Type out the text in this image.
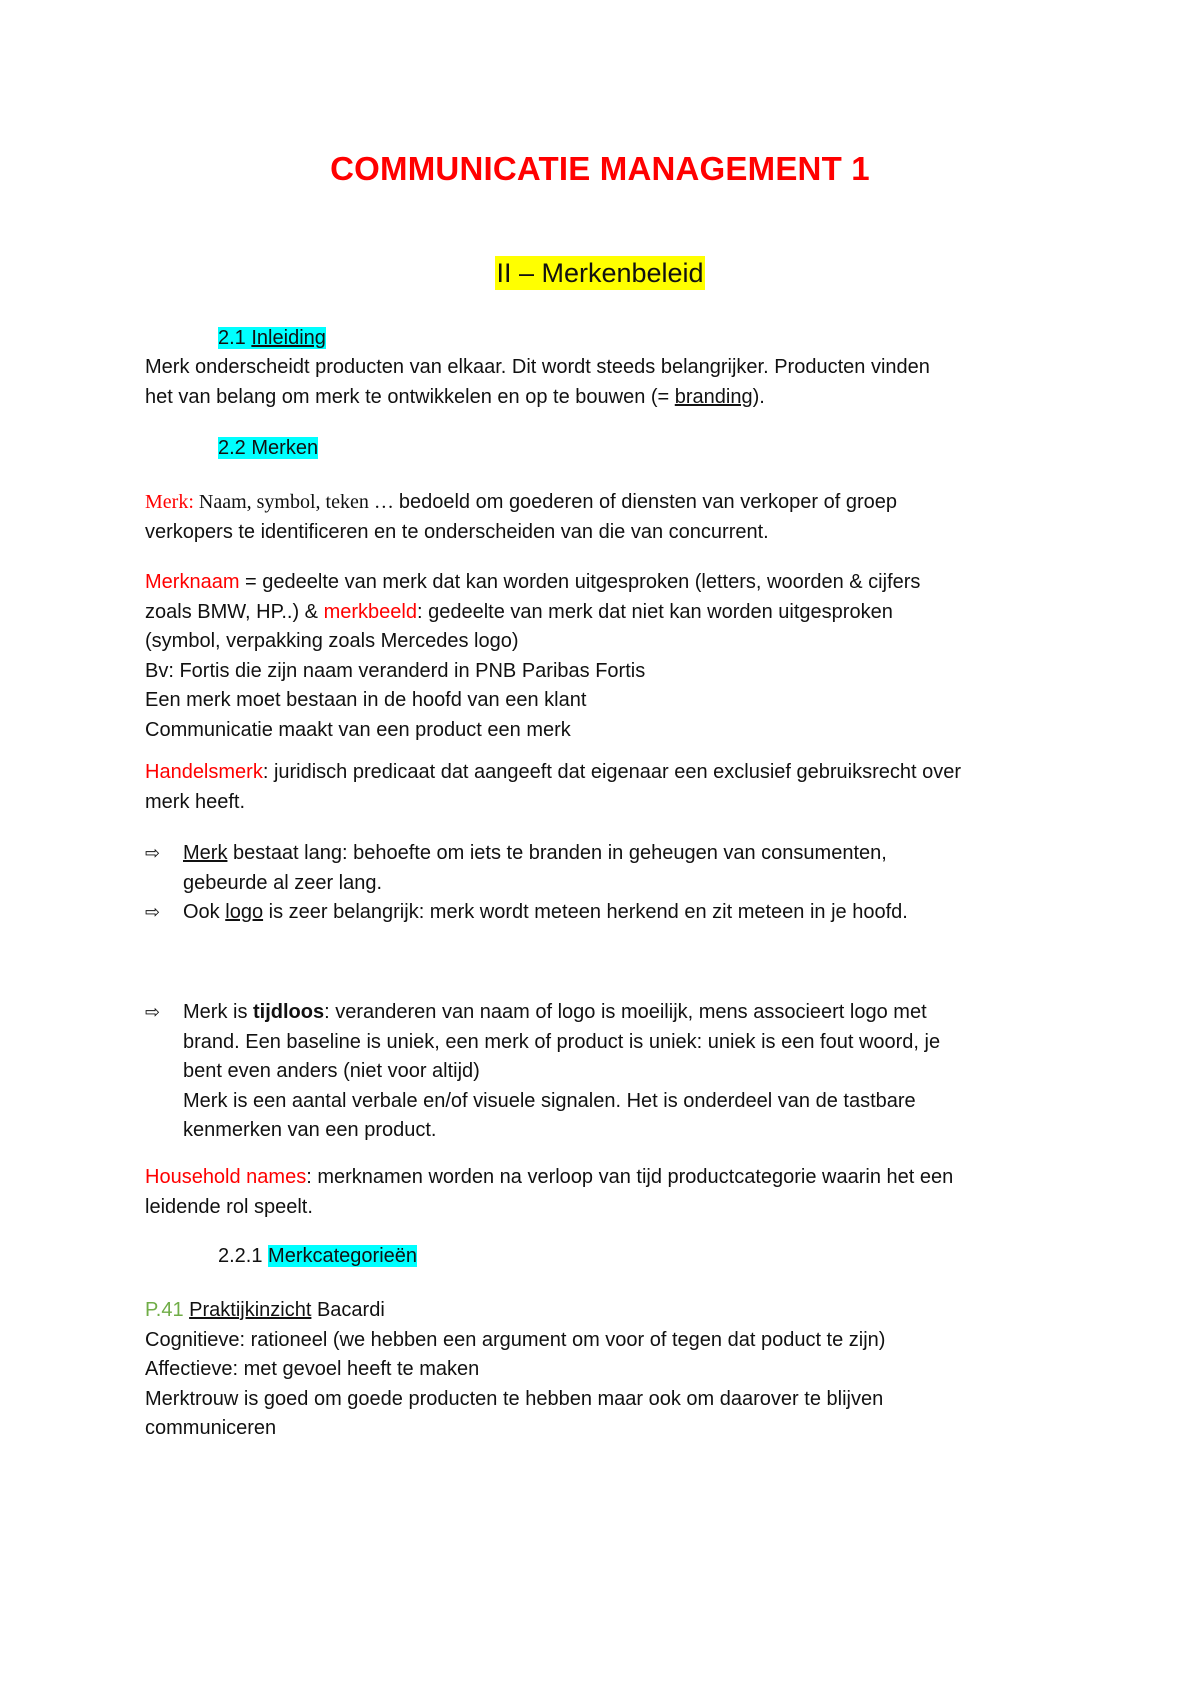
COMMUNICATIE MANAGEMENT 1
II – Merkenbeleid
2.1 Inleiding
Merk onderscheidt producten van elkaar. Dit wordt steeds belangrijker. Producten vinden
het van belang om merk te ontwikkelen en op te bouwen (= branding).
2.2 Merken
Merk: Naam, symbol, teken … bedoeld om goederen of diensten van verkoper of groep
verkopers te identificeren en te onderscheiden van die van concurrent.
Merknaam = gedeelte van merk dat kan worden uitgesproken (letters, woorden & cijfers
zoals BMW, HP..) & merkbeeld: gedeelte van merk dat niet kan worden uitgesproken
(symbol, verpakking zoals Mercedes logo)
Bv: Fortis die zijn naam veranderd in PNB Paribas Fortis
Een merk moet bestaan in de hoofd van een klant
Communicatie maakt van een product een merk
Handelsmerk: juridisch predicaat dat aangeeft dat eigenaar een exclusief gebruiksrecht over
merk heeft.
⇨ Merk bestaat lang: behoefte om iets te branden in geheugen van consumenten,
gebeurde al zeer lang.
⇨ Ook logo is zeer belangrijk: merk wordt meteen herkend en zit meteen in je hoofd.
⇨ Merk is tijdloos: veranderen van naam of logo is moeilijk, mens associeert logo met
brand. Een baseline is uniek, een merk of product is uniek: uniek is een fout woord, je
bent even anders (niet voor altijd)
Merk is een aantal verbale en/of visuele signalen. Het is onderdeel van de tastbare
kenmerken van een product.
Household names: merknamen worden na verloop van tijd productcategorie waarin het een
leidende rol speelt.
2.2.1 Merkcategorieën
P.41 Praktijkinzicht Bacardi
Cognitieve: rationeel (we hebben een argument om voor of tegen dat poduct te zijn)
Affectieve: met gevoel heeft te maken
Merktrouw is goed om goede producten te hebben maar ook om daarover te blijven
communiceren
